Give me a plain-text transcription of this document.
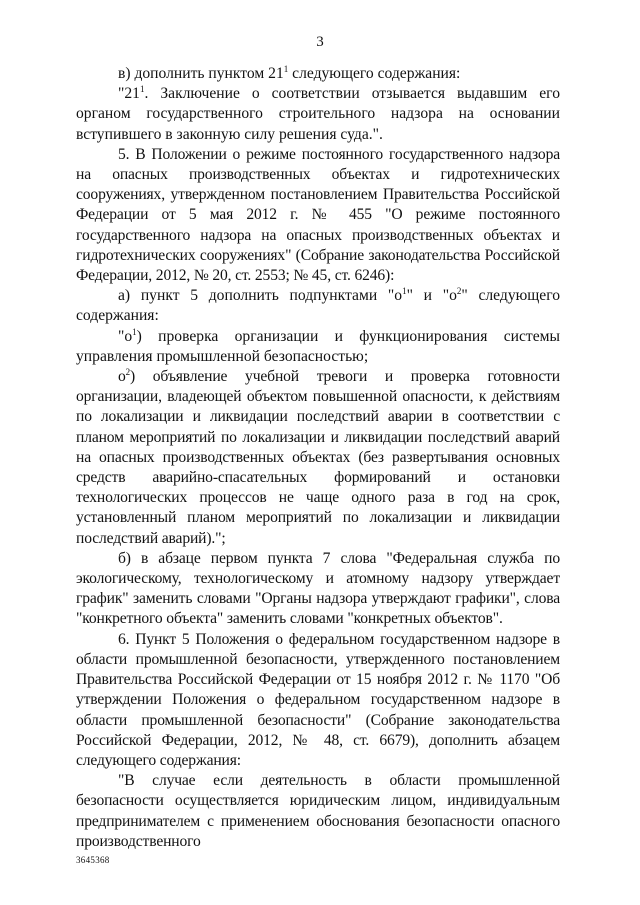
3

в) дополнить пунктом $21^1$ следующего содержания:

"$21^1$. Заключение о соответствии отзывается выдавшим его органом государственного строительного надзора на основании вступившего в законную силу решения суда.".

5. В Положении о режиме постоянного государственного надзора на опасных производственных объектах и гидротехнических сооружениях, утвержденном постановлением Правительства Российской Федерации от 5 мая 2012 г. № 455 "О режиме постоянного государственного надзора на опасных производственных объектах и гидротехнических сооружениях" (Собрание законодательства Российской Федерации, 2012, № 20, ст. 2553; № 45, ст. 6246):

а) пункт 5 дополнить подпунктами "$о^1$" и "$о^2$" следующего содержания:

"$о^1$) проверка организации и функционирования системы управления промышленной безопасностью;

$о^2$) объявление учебной тревоги и проверка готовности организации, владеющей объектом повышенной опасности, к действиям по локализации и ликвидации последствий аварии в соответствии с планом мероприятий по локализации и ликвидации последствий аварий на опасных производственных объектах (без развертывания основных средств аварийно-спасательных формирований и остановки технологических процессов не чаще одного раза в год на срок, установленный планом мероприятий по локализации и ликвидации последствий аварий).";

б) в абзаце первом пункта 7 слова "Федеральная служба по экологическому, технологическому и атомному надзору утверждает график" заменить словами "Органы надзора утверждают графики", слова "конкретного объекта" заменить словами "конкретных объектов".

6. Пункт 5 Положения о федеральном государственном надзоре в области промышленной безопасности, утвержденного постановлением Правительства Российской Федерации от 15 ноября 2012 г. № 1170 "Об утверждении Положения о федеральном государственном надзоре в области промышленной безопасности" (Собрание законодательства Российской Федерации, 2012, № 48, ст. 6679), дополнить абзацем следующего содержания:

"В случае если деятельность в области промышленной безопасности осуществляется юридическим лицом, индивидуальным предпринимателем с применением обоснования безопасности опасного производственного

3645368
